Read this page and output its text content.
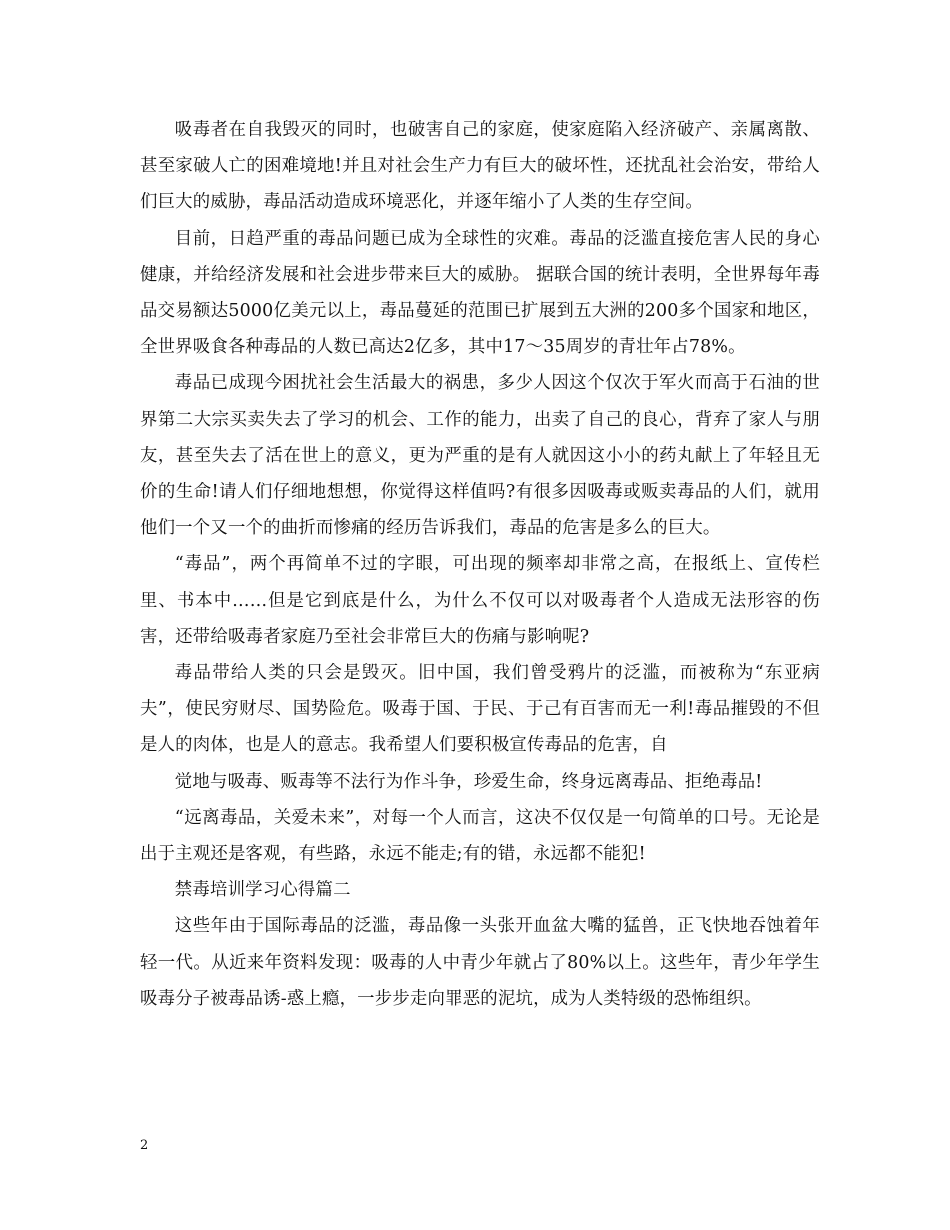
吸毒者在自我毁灭的同时，也破害自己的家庭，使家庭陷入经济破产、亲属离散、甚至家破人亡的困难境地!并且对社会生产力有巨大的破坏性，还扰乱社会治安，带给人们巨大的威胁，毒品活动造成环境恶化，并逐年缩小了人类的生存空间。

目前，日趋严重的毒品问题已成为全球性的灾难。毒品的泛滥直接危害人民的身心健康，并给经济发展和社会进步带来巨大的威胁。 据联合国的统计表明，全世界每年毒品交易额达5000亿美元以上，毒品蔓延的范围已扩展到五大洲的200多个国家和地区，全世界吸食各种毒品的人数已高达2亿多，其中17～35周岁的青壮年占78%。

毒品已成现今困扰社会生活最大的祸患，多少人因这个仅次于军火而高于石油的世界第二大宗买卖失去了学习的机会、工作的能力，出卖了自己的良心，背弃了家人与朋友，甚至失去了活在世上的意义，更为严重的是有人就因这小小的药丸献上了年轻且无价的生命!请人们仔细地想想，你觉得这样值吗?有很多因吸毒或贩卖毒品的人们，就用他们一个又一个的曲折而惨痛的经历告诉我们，毒品的危害是多么的巨大。

“毒品”，两个再简单不过的字眼，可出现的频率却非常之高，在报纸上、宣传栏里、书本中……但是它到底是什么，为什么不仅可以对吸毒者个人造成无法形容的伤害，还带给吸毒者家庭乃至社会非常巨大的伤痛与影响呢?

毒品带给人类的只会是毁灭。旧中国，我们曾受鸦片的泛滥，而被称为“东亚病夫”，使民穷财尽、国势险危。吸毒于国、于民、于己有百害而无一利!毒品摧毁的不但是人的肉体，也是人的意志。我希望人们要积极宣传毒品的危害，自

觉地与吸毒、贩毒等不法行为作斗争，珍爱生命，终身远离毒品、拒绝毒品!

“远离毒品，关爱未来”，对每一个人而言，这决不仅仅是一句简单的口号。无论是出于主观还是客观，有些路，永远不能走;有的错，永远都不能犯!

禁毒培训学习心得篇二

这些年由于国际毒品的泛滥，毒品像一头张开血盆大嘴的猛兽，正飞快地吞蚀着年轻一代。从近来年资料发现：吸毒的人中青少年就占了80%以上。这些年，青少年学生吸毒分子被毒品诱-惑上瘾，一步步走向罪恶的泥坑，成为人类特级的恐怖组织。

2
